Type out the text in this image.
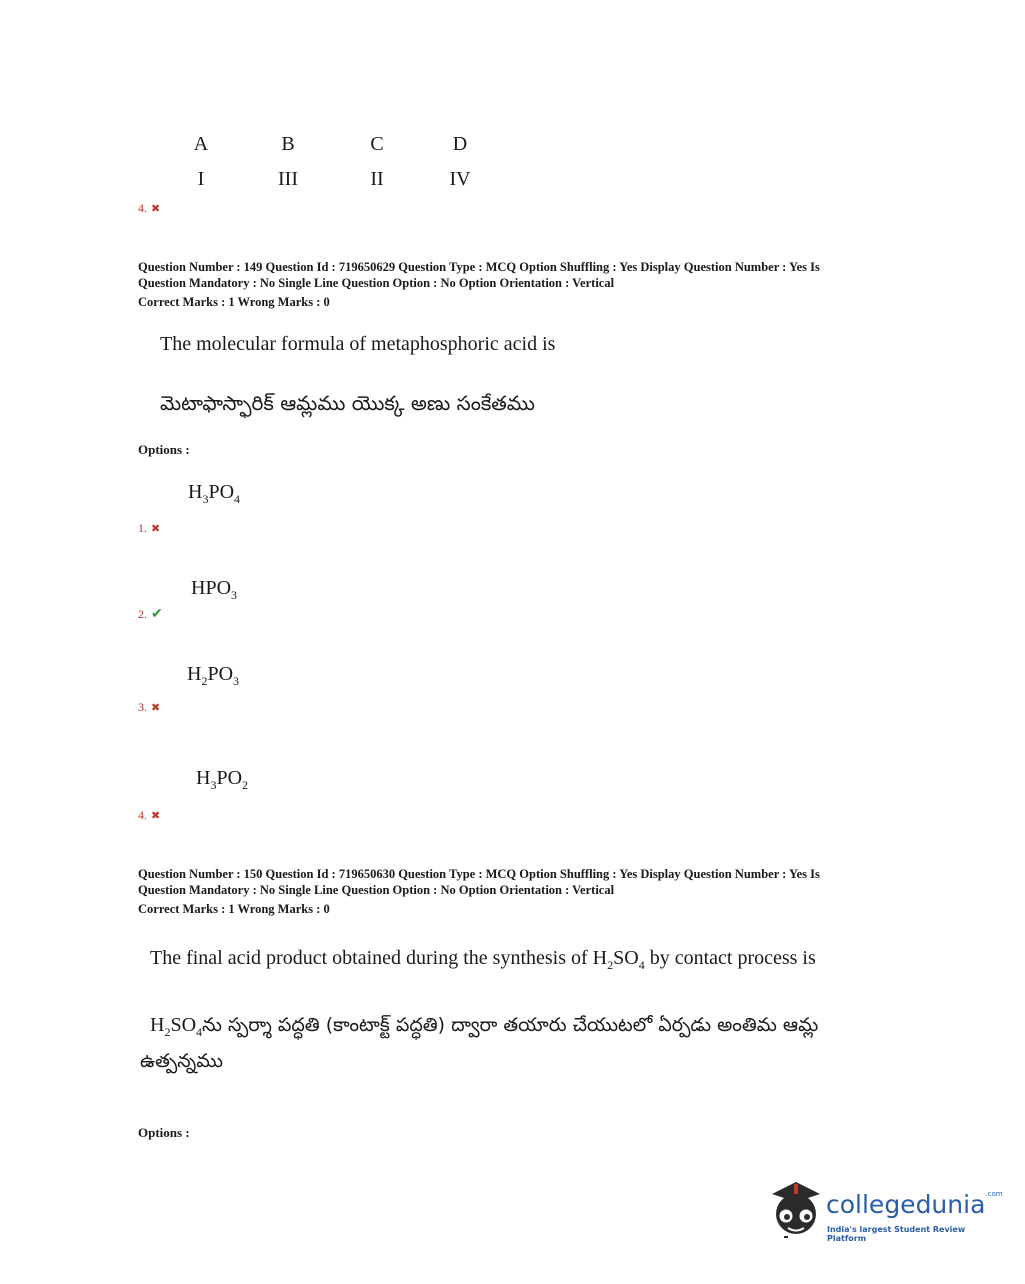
A	B	C	D
I	III	II	IV
4. ✖
Question Number : 149 Question Id : 719650629 Question Type : MCQ Option Shuffling : Yes Display Question Number : Yes Is
Question Mandatory : No Single Line Question Option : No Option Orientation : Vertical
Correct Marks : 1 Wrong Marks : 0
The molecular formula of metaphosphoric acid is
మెటాఫాస్ఫారిక్ ఆమ్లము యొక్క అణు సంకేతము
Options :
$H_3PO_4$
1. ✖
$HPO_3$
2. ✔
$H_2PO_3$
3. ✖
$H_3PO_2$
4. ✖
Question Number : 150 Question Id : 719650630 Question Type : MCQ Option Shuffling : Yes Display Question Number : Yes Is
Question Mandatory : No Single Line Question Option : No Option Orientation : Vertical
Correct Marks : 1 Wrong Marks : 0
The final acid product obtained during the synthesis of $H_2SO_4$ by contact process is
$H_2SO_4ను$ స్పర్శా పద్ధతి (కాంటాక్ట్ పద్ధతి) ద్వారా తయారు చేయుటలో ఏర్పడు అంతిమ ఆమ్ల
ఉత్పన్నము
Options :
collegedunia$^{.com}$
India's largest Student Review Platform
